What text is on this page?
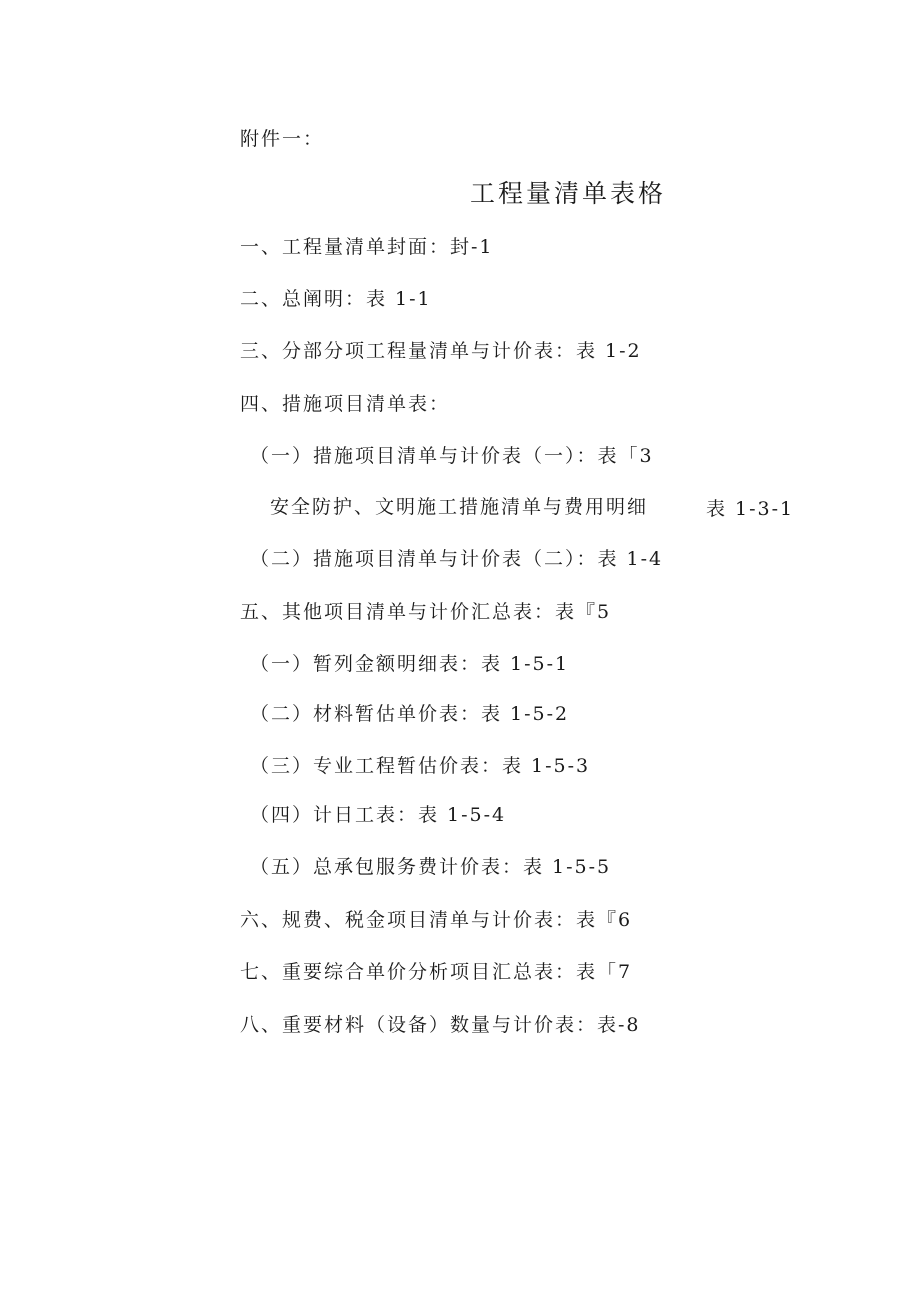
附件一：
工程量清单表格
一、工程量清单封面：封-1
二、总阐明：表 1-1
三、分部分项工程量清单与计价表：表 1-2
四、措施项目清单表：
（一）措施项目清单与计价表（一）：表「3
安全防护、文明施工措施清单与费用明细	表 1-3-1
（二）措施项目清单与计价表（二）：表 1-4
五、其他项目清单与计价汇总表：表『5
（一）暂列金额明细表：表 1-5-1
（二）材料暂估单价表：表 1-5-2
（三）专业工程暂估价表：表 1-5-3
（四）计日工表：表 1-5-4
（五）总承包服务费计价表：表 1-5-5
六、规费、税金项目清单与计价表：表『6
七、重要综合单价分析项目汇总表：表「7
八、重要材料（设备）数量与计价表：表-8
